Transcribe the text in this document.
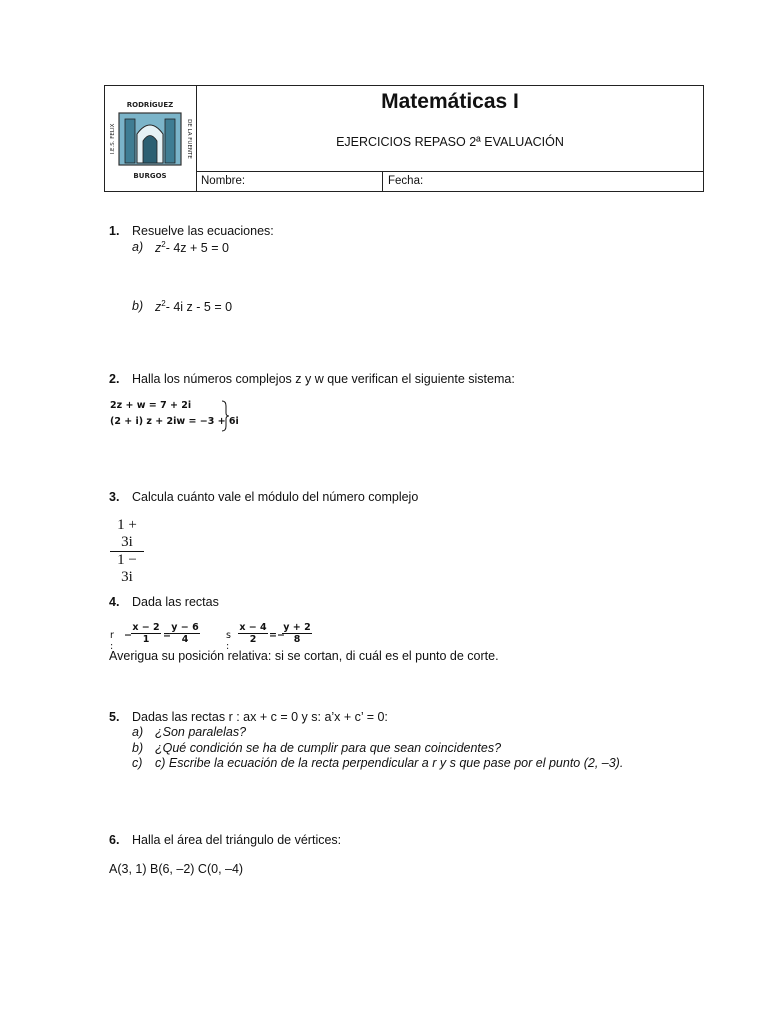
RODRÍGUEZ
BURGOS
I.E.S. FELIX	DE LA FUENTE
Matemáticas I
EJERCICIOS REPASO 2ª EVALUACIÓN
Nombre:	Fecha:
1. Resuelve las ecuaciones:
a) $z^2-$ 4z + 5 = 0
b) $z^2-$ 4i z - 5 = 0
2. Halla los números complejos z y w que verifican el siguiente sistema:
2z + w = 7 + 2i
(2 + i) z + 2iw = −3 + 6i
3. Calcula cuánto vale el módulo del número complejo
$\frac{1 + 3i}{1 - 3i}$
4. Dada las rectas
r :
−
x − 2
1	=
y − 6
4	s :
x − 4
2	=−
y + 2
8
Averigua su posición relativa: si se cortan, di cuál es el punto de corte.
5. Dadas las rectas r : ax + c = 0 y s: a’x + c’ = 0:
a) ¿Son paralelas?
b) ¿Qué condición se ha de cumplir para que sean coincidentes?
c) c) Escribe la ecuación de la recta perpendicular a r y s que pase por el punto (2, –3).
6. Halla el área del triángulo de vértices:
A(3, 1) B(6, –2) C(0, –4)
